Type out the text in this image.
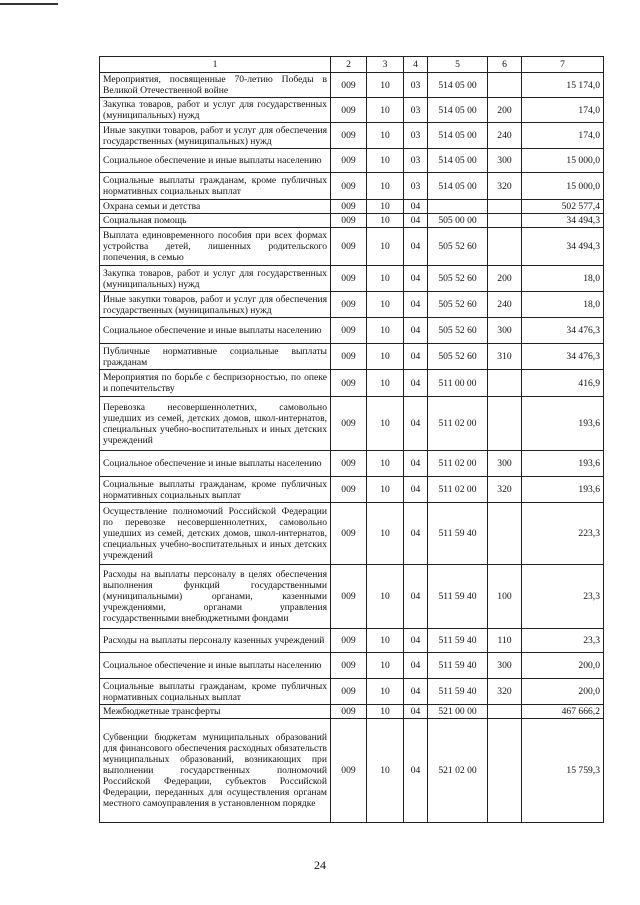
1	2	3	4	5	6	7
Мероприятия, посвященные 70-летию Победы в Великой Отечественной войне	009	10	03	514 05 00		15 174,0
Закупка товаров, работ и услуг для государственных (муниципальных) нужд	009	10	03	514 05 00	200	174,0
Иные закупки товаров, работ и услуг для обеспечения государственных (муниципальных) нужд	009	10	03	514 05 00	240	174,0
Социальное обеспечение и иные выплаты населению	009	10	03	514 05 00	300	15 000,0
Социальные выплаты гражданам, кроме публичных нормативных социальных выплат	009	10	03	514 05 00	320	15 000,0
Охрана семьи и детства	009	10	04			502 577,4
Социальная помощь	009	10	04	505 00 00		34 494,3
Выплата единовременного пособия при всех формах устройства детей, лишенных родительского попечения, в семью	009	10	04	505 52 60		34 494,3
Закупка товаров, работ и услуг для государственных (муниципальных) нужд	009	10	04	505 52 60	200	18,0
Иные закупки товаров, работ и услуг для обеспечения государственных (муниципальных) нужд	009	10	04	505 52 60	240	18,0
Социальное обеспечение и иные выплаты населению	009	10	04	505 52 60	300	34 476,3
Публичные нормативные социальные выплаты гражданам	009	10	04	505 52 60	310	34 476,3
Мероприятия по борьбе с беспризорностью, по опеке и попечительству	009	10	04	511 00 00		416,9
Перевозка несовершеннолетних, самовольно ушедших из семей, детских домов, школ-интернатов, специальных учебно-воспитательных и иных детских учреждений	009	10	04	511 02 00		193,6
Социальное обеспечение и иные выплаты населению	009	10	04	511 02 00	300	193,6
Социальные выплаты гражданам, кроме публичных нормативных социальных выплат	009	10	04	511 02 00	320	193,6
Осуществление полномочий Российской Федерации по перевозке несовершеннолетних, самовольно ушедших из семей, детских домов, школ-интернатов, специальных учебно-воспитательных и иных детских учреждений	009	10	04	511 59 40		223,3
Расходы на выплаты персоналу в целях обеспечения выполнения функций государственными (муниципальными) органами, казенными учреждениями, органами управления государственными внебюджетными фондами	009	10	04	511 59 40	100	23,3
Расходы на выплаты персоналу казенных учреждений	009	10	04	511 59 40	110	23,3
Социальное обеспечение и иные выплаты населению	009	10	04	511 59 40	300	200,0
Социальные выплаты гражданам, кроме публичных нормативных социальных выплат	009	10	04	511 59 40	320	200,0
Межбюджетные трансферты	009	10	04	521 00 00		467 666,2
Субвенции бюджетам муниципальных образований для финансового обеспечения расходных обязательств муниципальных образований, возникающих при выполнении государственных полномочий Российской Федерации, субъектов Российской Федерации, переданных для осуществления органам местного самоуправления в установленном порядке	009	10	04	521 02 00		15 759,3
24
